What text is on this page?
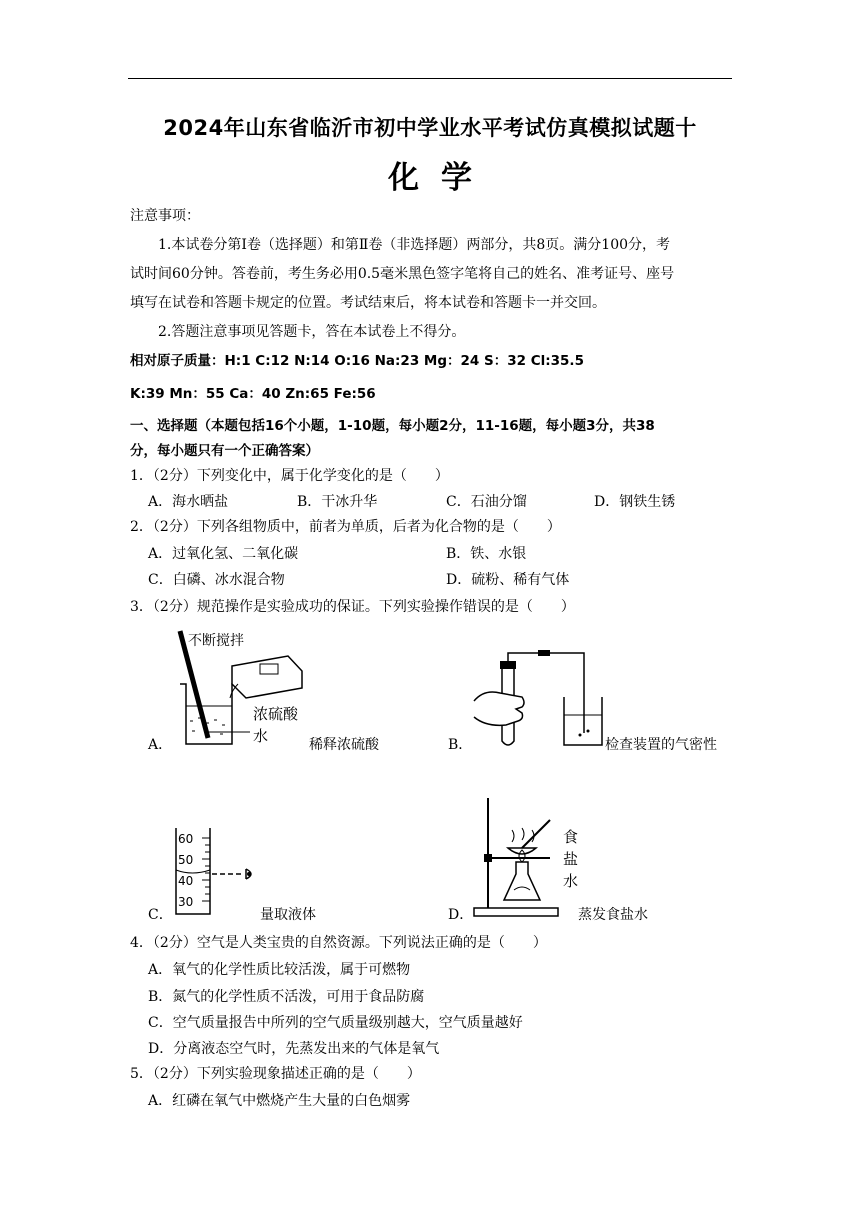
2024年山东省临沂市初中学业水平考试仿真模拟试题十
化学
注意事项：
1.本试卷分第Ⅰ卷（选择题）和第Ⅱ卷（非选择题）两部分，共8页。满分100分，考
试时间60分钟。答卷前，考生务必用0.5毫米黑色签字笔将自己的姓名、准考证号、座号
填写在试卷和答题卡规定的位置。考试结束后，将本试卷和答题卡一并交回。
2.答题注意事项见答题卡，答在本试卷上不得分。
相对原子质量：H:1 C:12 N:14 O:16 Na:23 Mg：24 S：32 Cl:35.5
K:39 Mn：55 Ca：40 Zn:65 Fe:56
一、选择题（本题包括16个小题，1-10题，每小题2分，11-16题，每小题3分，共38
分，每小题只有一个正确答案）
1．（2分）下列变化中，属于化学变化的是（　　）
A．海水晒盐	B．干冰升华	C．石油分馏	D．钢铁生锈
2．（2分）下列各组物质中，前者为单质，后者为化合物的是（　　）
A．过氧化氢、二氧化碳	B．铁、水银
C．白磷、冰水混合物	D．硫粉、稀有气体
3．（2分）规范操作是实验成功的保证。下列实验操作错误的是（　　）
A．
不断搅拌
浓硫酸
水	稀释浓硫酸	B．	检查装置的气密性
C．
60
50
40
30
量取液体	D．
食
盐
水
蒸发食盐水
4．（2分）空气是人类宝贵的自然资源。下列说法正确的是（　　）
A．氧气的化学性质比较活泼，属于可燃物
B．氮气的化学性质不活泼，可用于食品防腐
C．空气质量报告中所列的空气质量级别越大，空气质量越好
D．分离液态空气时，先蒸发出来的气体是氧气
5．（2分）下列实验现象描述正确的是（　　）
A．红磷在氧气中燃烧产生大量的白色烟雾
